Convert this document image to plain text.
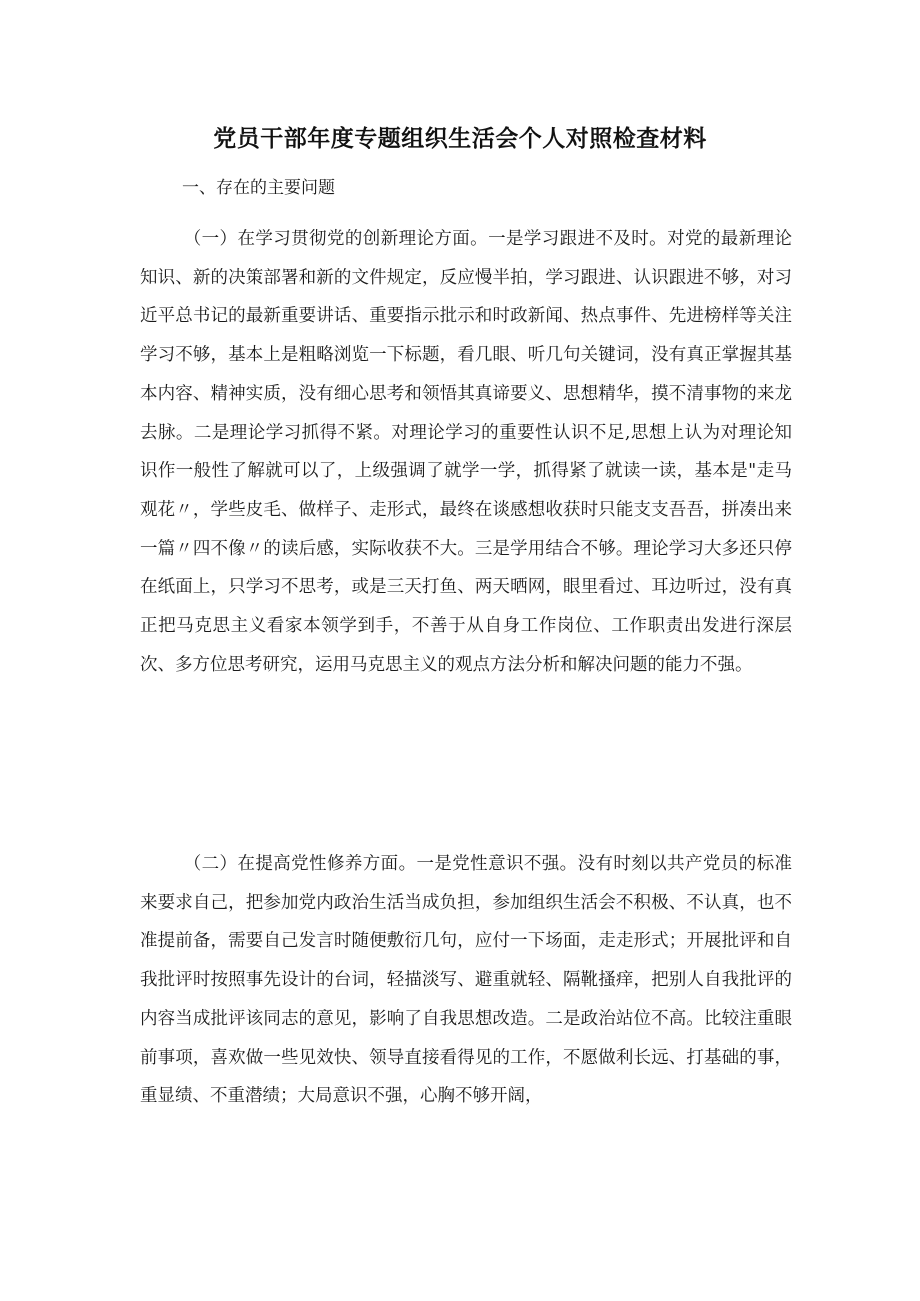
党员干部年度专题组织生活会个人对照检查材料

一、存在的主要问题

（一）在学习贯彻党的创新理论方面。一是学习跟进不及时。对党的最新理论知识、新的决策部署和新的文件规定，反应慢半拍，学习跟进、认识跟进不够，对习近平总书记的最新重要讲话、重要指示批示和时政新闻、热点事件、先进榜样等关注学习不够，基本上是粗略浏览一下标题，看几眼、听几句关键词，没有真正掌握其基本内容、精神实质，没有细心思考和领悟其真谛要义、思想精华，摸不清事物的来龙去脉。二是理论学习抓得不紧。对理论学习的重要性认识不足,思想上认为对理论知识作一般性了解就可以了，上级强调了就学一学，抓得紧了就读一读，基本是"走马观花〃，学些皮毛、做样子、走形式，最终在谈感想收获时只能支支吾吾，拼凑出来一篇〃四不像〃的读后感，实际收获不大。三是学用结合不够。理论学习大多还只停在纸面上，只学习不思考，或是三天打鱼、两天晒网，眼里看过、耳边听过，没有真正把马克思主义看家本领学到手，不善于从自身工作岗位、工作职责出发进行深层次、多方位思考研究，运用马克思主义的观点方法分析和解决问题的能力不强。

（二）在提高党性修养方面。一是党性意识不强。没有时刻以共产党员的标准来要求自己，把参加党内政治生活当成负担，参加组织生活会不积极、不认真，也不准提前备，需要自己发言时随便敷衍几句，应付一下场面，走走形式；开展批评和自我批评时按照事先设计的台词，轻描淡写、避重就轻、隔靴搔痒，把别人自我批评的内容当成批评该同志的意见，影响了自我思想改造。二是政治站位不高。比较注重眼前事项，喜欢做一些见效快、领导直接看得见的工作，不愿做利长远、打基础的事，重显绩、不重潜绩；大局意识不强，心胸不够开阔，
